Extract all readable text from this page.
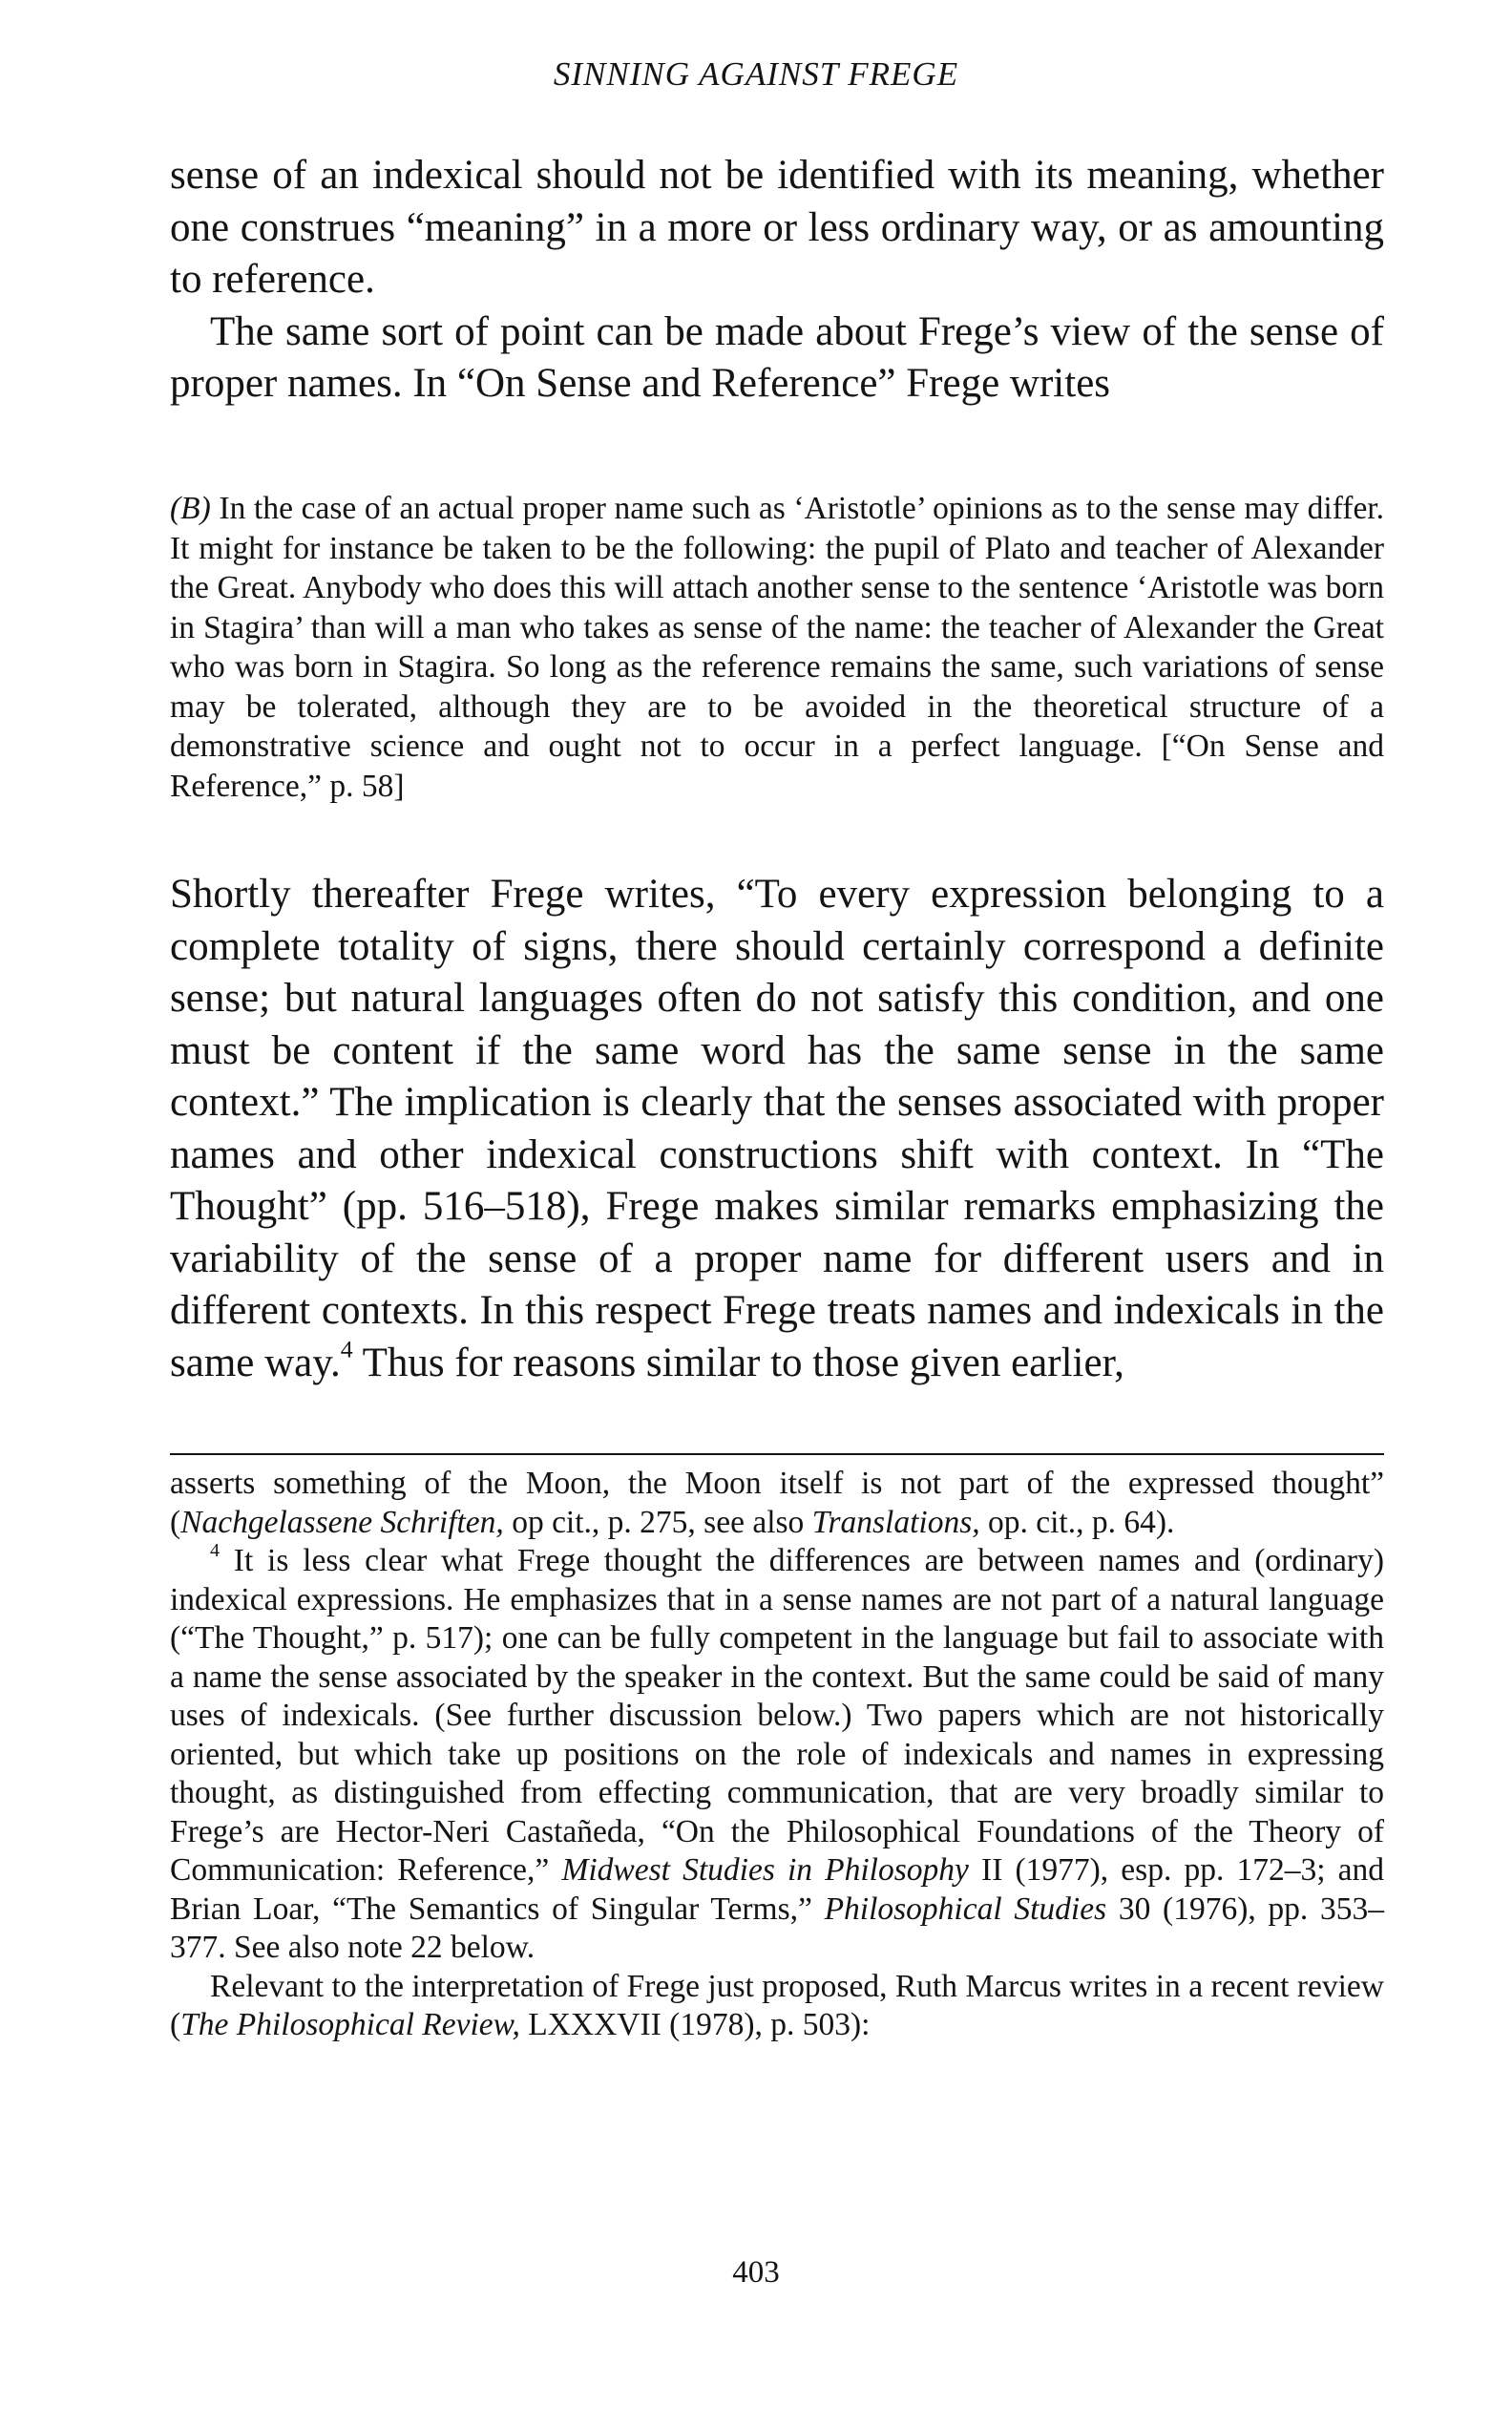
SINNING AGAINST FREGE

sense of an indexical should not be identified with its meaning, whether one construes “meaning” in a more or less ordinary way, or as amounting to reference.

The same sort of point can be made about Frege’s view of the sense of proper names. In “On Sense and Reference” Frege writes

(B) In the case of an actual proper name such as ‘Aristotle’ opinions as to the sense may differ. It might for instance be taken to be the following: the pupil of Plato and teacher of Alexander the Great. Anybody who does this will attach another sense to the sentence ‘Aristotle was born in Stagira’ than will a man who takes as sense of the name: the teacher of Alexander the Great who was born in Stagira. So long as the reference remains the same, such variations of sense may be tolerated, although they are to be avoided in the theoretical structure of a demonstrative science and ought not to occur in a perfect language. [“On Sense and Reference,” p. 58]

Shortly thereafter Frege writes, “To every expression belonging to a complete totality of signs, there should certainly correspond a definite sense; but natural languages often do not satisfy this condition, and one must be content if the same word has the same sense in the same context.” The implication is clearly that the senses associated with proper names and other indexical constructions shift with context. In “The Thought” (pp. 516–518), Frege makes similar remarks emphasizing the variability of the sense of a proper name for different users and in different contexts. In this respect Frege treats names and indexicals in the same way.$^4$ Thus for reasons similar to those given earlier,

asserts something of the Moon, the Moon itself is not part of the expressed thought” (Nachgelassene Schriften, op cit., p. 275, see also Translations, op. cit., p. 64).

$^4$ It is less clear what Frege thought the differences are between names and (ordinary) indexical expressions. He emphasizes that in a sense names are not part of a natural language (“The Thought,” p. 517); one can be fully competent in the language but fail to associate with a name the sense associated by the speaker in the context. But the same could be said of many uses of indexicals. (See further discussion below.) Two papers which are not historically oriented, but which take up positions on the role of indexicals and names in expressing thought, as distinguished from effecting communication, that are very broadly similar to Frege’s are Hector-Neri Castañeda, “On the Philosophical Foundations of the Theory of Communication: Reference,” Midwest Studies in Philosophy II (1977), esp. pp. 172–3; and Brian Loar, “The Semantics of Singular Terms,” Philosophical Studies 30 (1976), pp. 353–377. See also note 22 below.

Relevant to the interpretation of Frege just proposed, Ruth Marcus writes in a recent review (The Philosophical Review, LXXXVII (1978), p. 503):

403
